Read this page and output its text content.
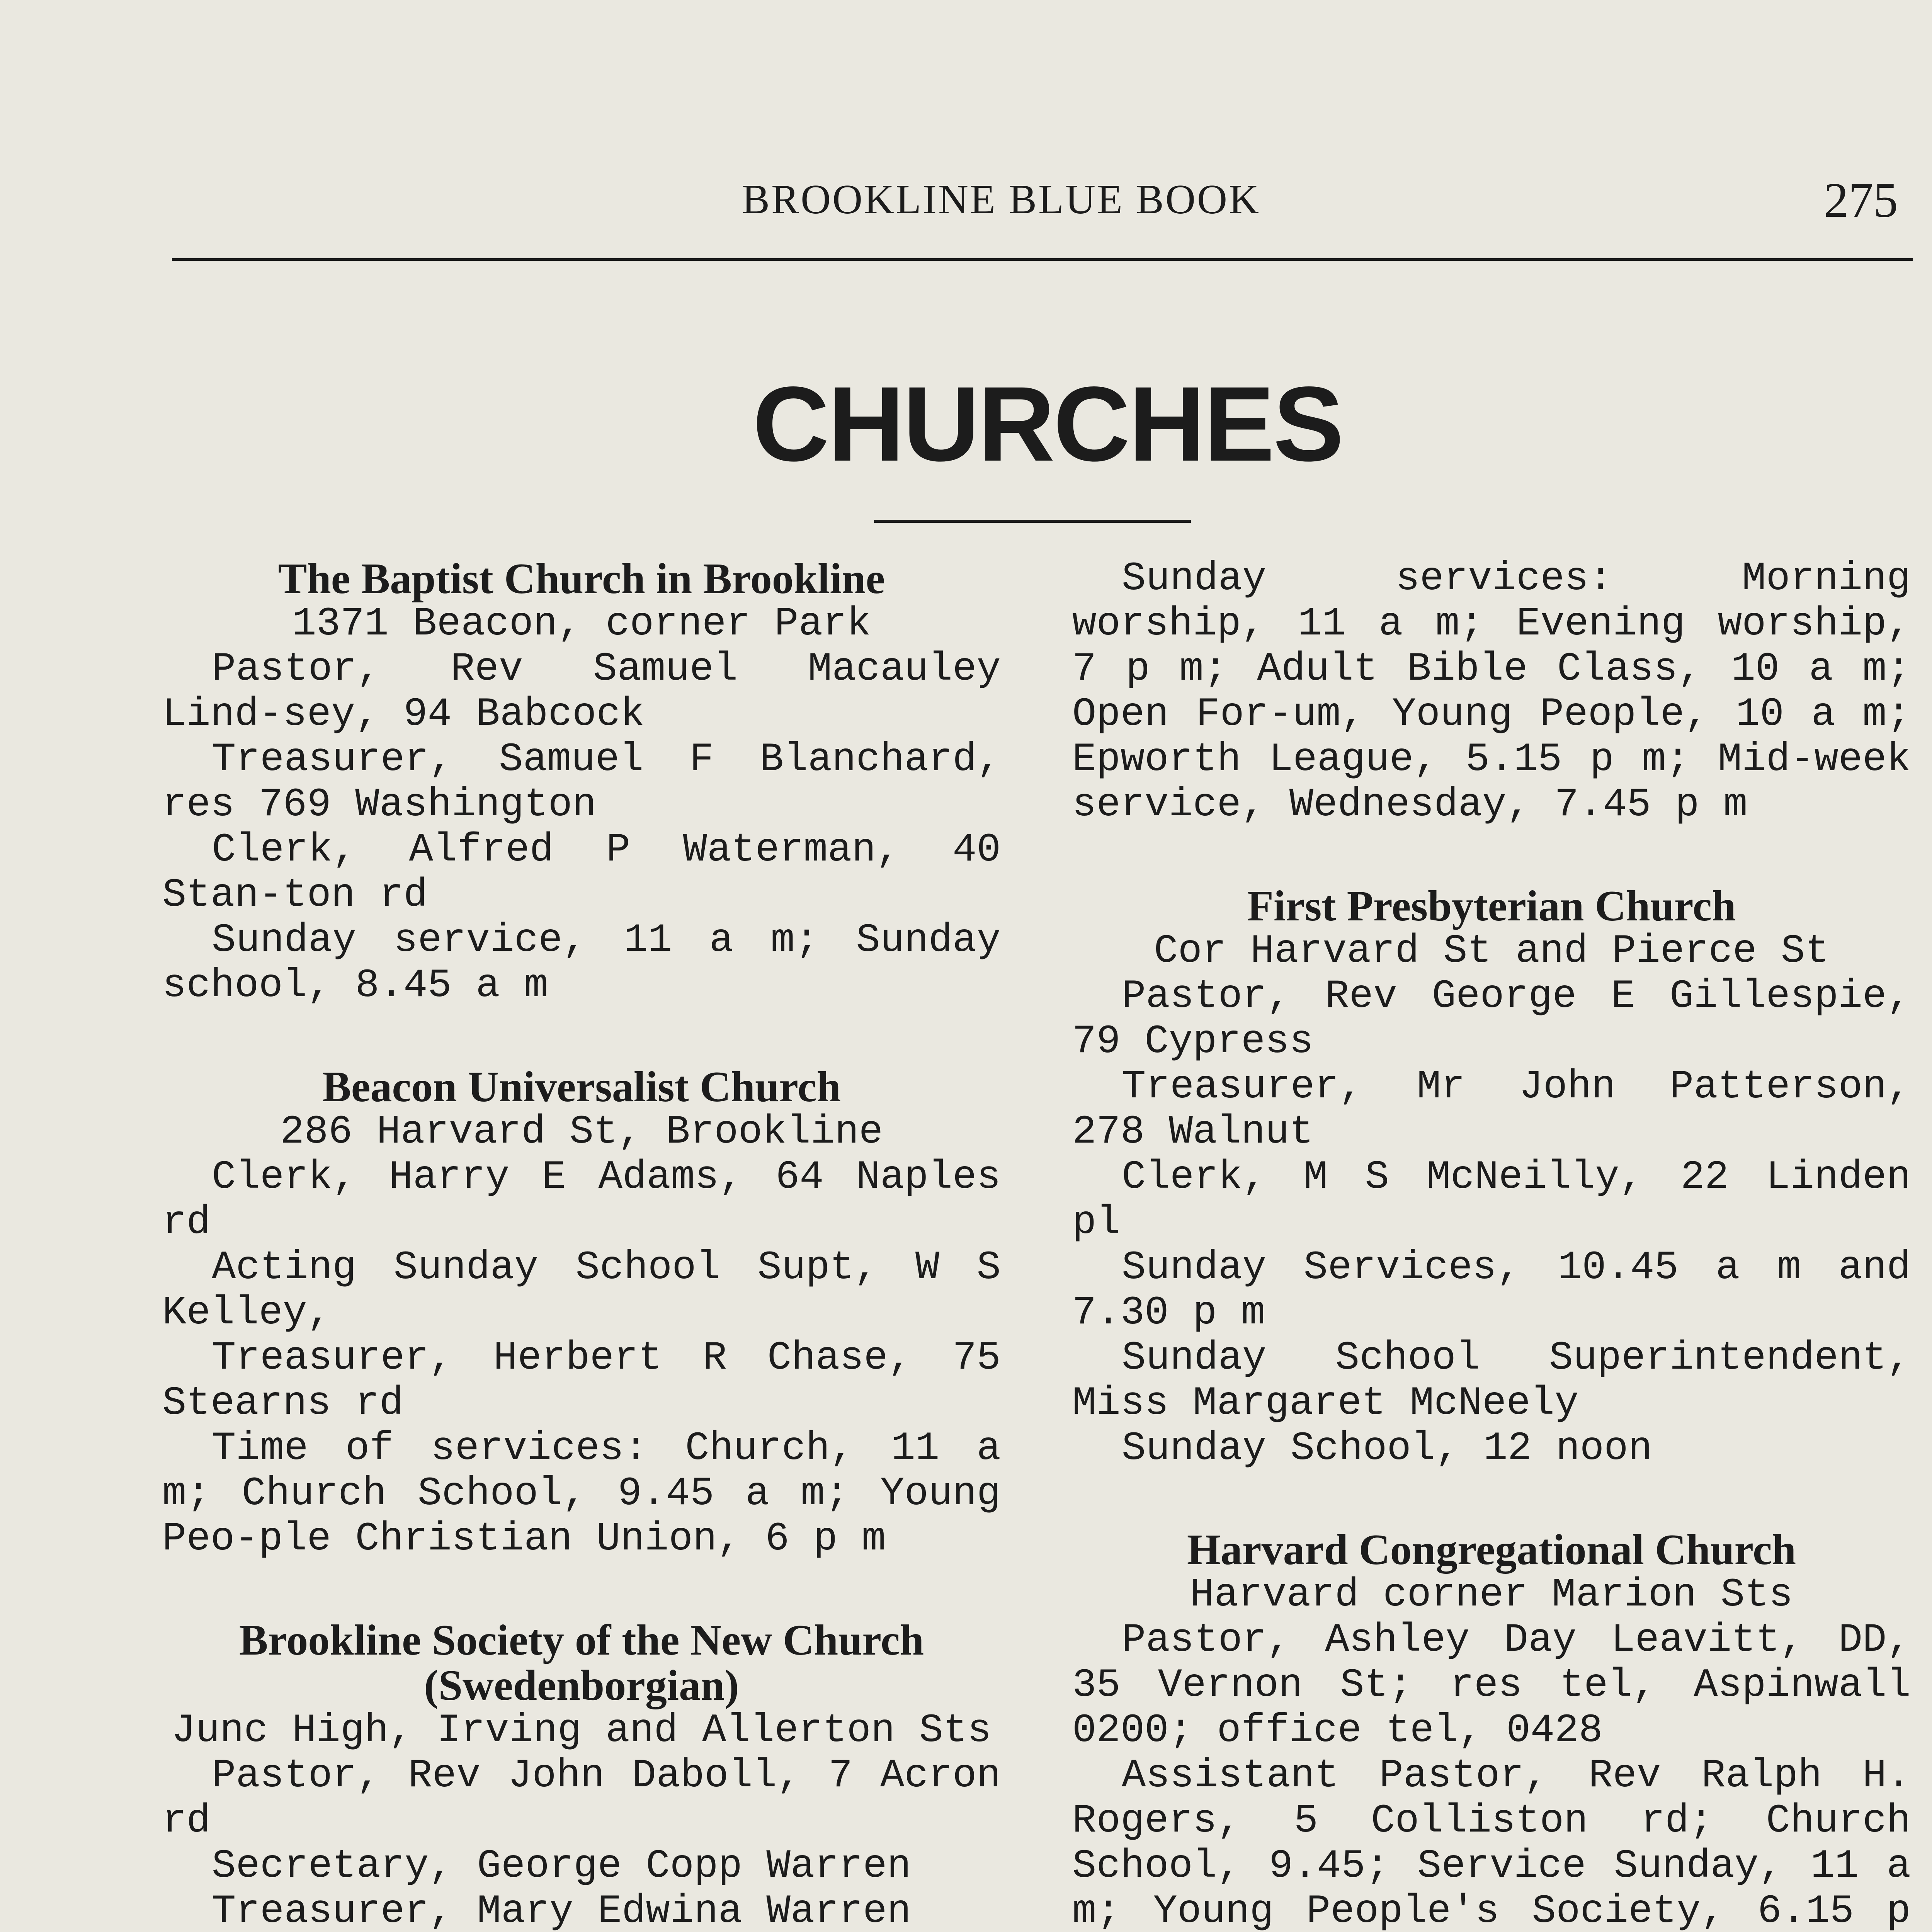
BROOKLINE BLUE BOOK	275
CHURCHES
The Baptist Church in Brookline
1371 Beacon, corner Park
Pastor, Rev Samuel Macauley Lind-sey, 94 Babcock
Treasurer, Samuel F Blanchard, res 769 Washington
Clerk, Alfred P Waterman, 40 Stan-ton rd
Sunday service, 11 a m; Sunday school, 8.45 a m
Beacon Universalist Church
286 Harvard St, Brookline
Clerk, Harry E Adams, 64 Naples rd
Acting Sunday School Supt, W S Kelley,
Treasurer, Herbert R Chase, 75 Stearns rd
Time of services: Church, 11 a m; Church School, 9.45 a m; Young Peo-ple Christian Union, 6 p m
Brookline Society of the New Church (Swedenborgian)
Junc High, Irving and Allerton Sts
Pastor, Rev John Daboll, 7 Acron rd
Secretary, George Copp Warren
Treasurer, Mary Edwina Warren
Sunday services: Morning worship, 11 a m; Evening worship, 7 p m; Adult Bible Class, 10 a m; Open For-um, Young People, 10 a m; Epworth League, 5.15 p m; Mid-week service, Wednesday, 7.45 p m
First Presbyterian Church
Cor Harvard St and Pierce St
Pastor, Rev George E Gillespie, 79 Cypress
Treasurer, Mr John Patterson, 278 Walnut
Clerk, M S McNeilly, 22 Linden pl
Sunday Services, 10.45 a m and 7.30 p m
Sunday School Superintendent, Miss Margaret McNeely
Sunday School, 12 noon
Harvard Congregational Church
Harvard corner Marion Sts
Pastor, Ashley Day Leavitt, DD, 35 Vernon St; res tel, Aspinwall 0200; office tel, 0428
Assistant Pastor, Rev Ralph H. Rogers, 5 Colliston rd; Church School, 9.45; Service Sunday, 11 a m; Young People's Society, 6.15 p
